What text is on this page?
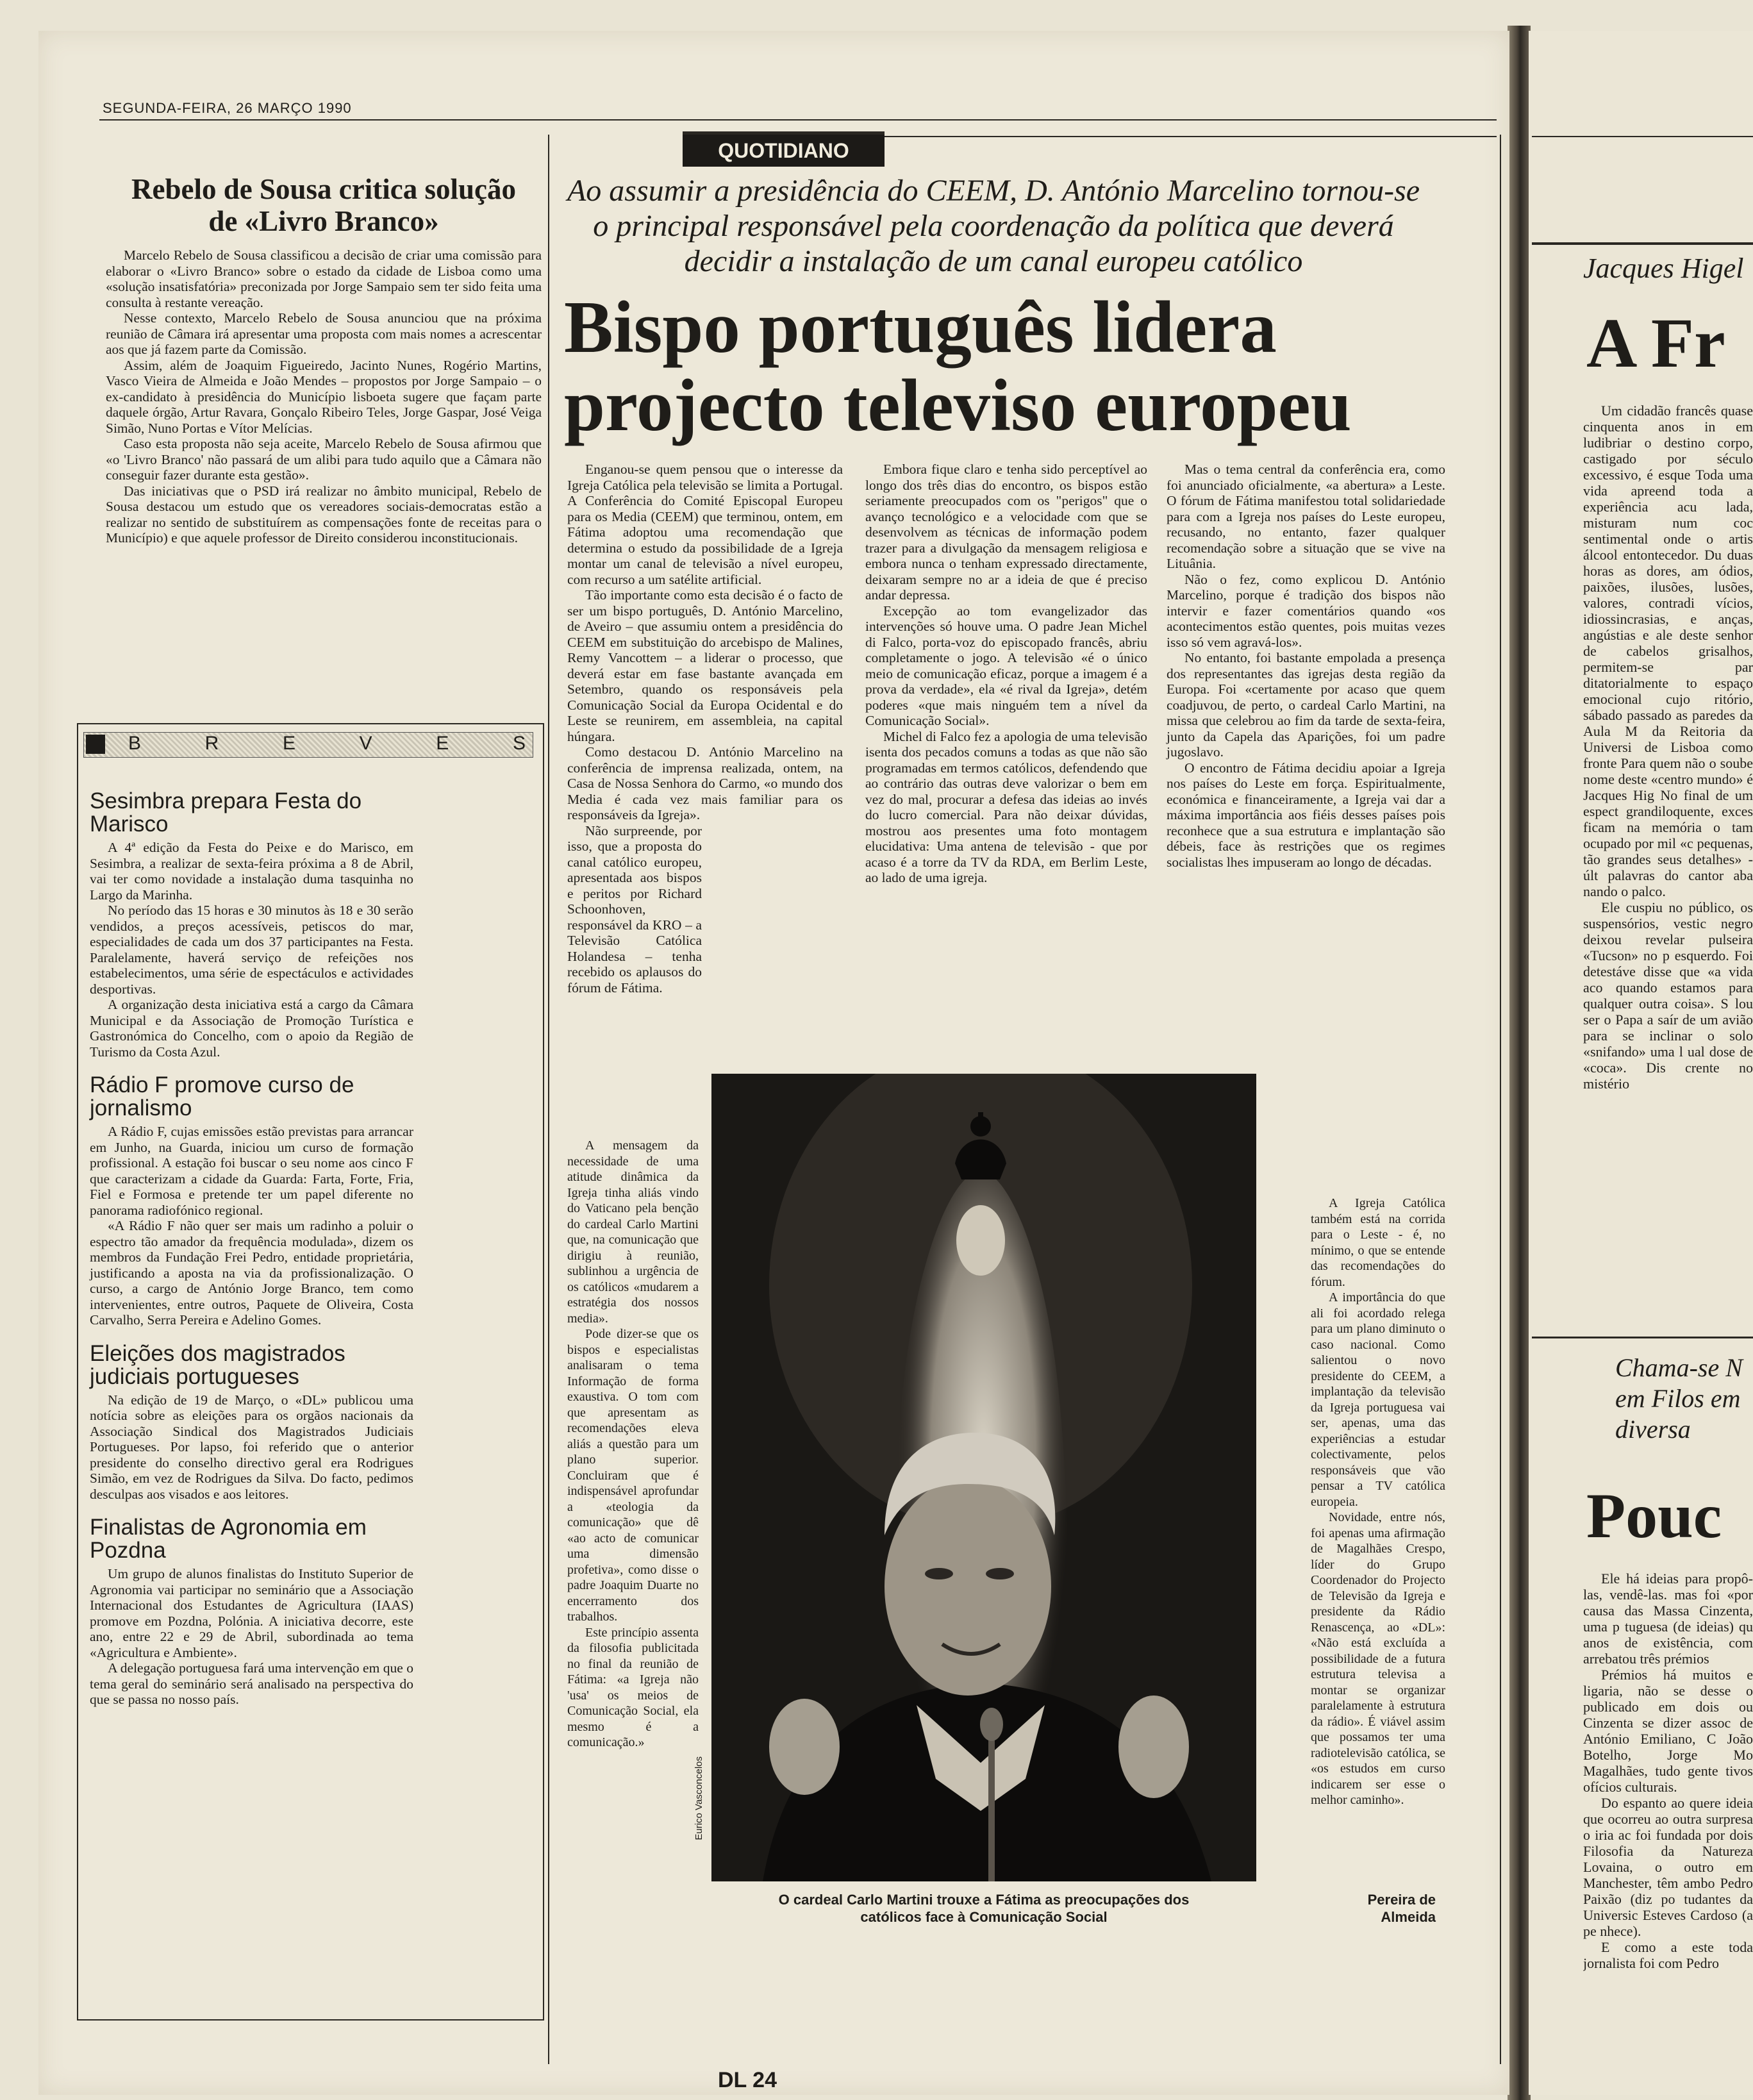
SEGUNDA-FEIRA, 26 MARÇO 1990
Rebelo de Sousa critica solução de «Livro Branco»

Marcelo Rebelo de Sousa classificou a decisão de criar uma comissão para elaborar o «Livro Branco» sobre o estado da cidade de Lisboa como uma «solução insatisfatória» preconizada por Jorge Sampaio sem ter sido feita uma consulta à restante vereação.

Nesse contexto, Marcelo Rebelo de Sousa anunciou que na próxima reunião de Câmara irá apresentar uma proposta com mais nomes a acrescentar aos que já fazem parte da Comissão.

Assim, além de Joaquim Figueiredo, Jacinto Nunes, Rogério Martins, Vasco Vieira de Almeida e João Mendes – propostos por Jorge Sampaio – o ex-candidato à presidência do Município lisboeta sugere que façam parte daquele órgão, Artur Ravara, Gonçalo Ribeiro Teles, Jorge Gaspar, José Veiga Simão, Nuno Portas e Vítor Melícias.

Caso esta proposta não seja aceite, Marcelo Rebelo de Sousa afirmou que «o 'Livro Branco' não passará de um alibi para tudo aquilo que a Câmara não conseguir fazer durante esta gestão».

Das iniciativas que o PSD irá realizar no âmbito municipal, Rebelo de Sousa destacou um estudo que os vereadores sociais-democratas estão a realizar no sentido de substituírem as compensações fonte de receitas para o Município) e que aquele professor de Direito considerou inconstitucionais.

B	R	E	V	E	S
Sesimbra prepara Festa do Marisco

A 4ª edição da Festa do Peixe e do Marisco, em Sesimbra, a realizar de sexta-feira próxima a 8 de Abril, vai ter como novidade a instalação duma tasquinha no Largo da Marinha.

No período das 15 horas e 30 minutos às 18 e 30 serão vendidos, a preços acessíveis, petiscos do mar, especialidades de cada um dos 37 participantes na Festa. Paralelamente, haverá serviço de refeições nos estabelecimentos, uma série de espectáculos e actividades desportivas.

A organização desta iniciativa está a cargo da Câmara Municipal e da Associação de Promoção Turística e Gastronómica do Concelho, com o apoio da Região de Turismo da Costa Azul.

Rádio F promove curso de jornalismo

A Rádio F, cujas emissões estão previstas para arrancar em Junho, na Guarda, iniciou um curso de formação profissional. A estação foi buscar o seu nome aos cinco F que caracterizam a cidade da Guarda: Farta, Forte, Fria, Fiel e Formosa e pretende ter um papel diferente no panorama radiofónico regional.

«A Rádio F não quer ser mais um radinho a poluir o espectro tão amador da frequência modulada», dizem os membros da Fundação Frei Pedro, entidade proprietária, justificando a aposta na via da profissionalização. O curso, a cargo de António Jorge Branco, tem como intervenientes, entre outros, Paquete de Oliveira, Costa Carvalho, Serra Pereira e Adelino Gomes.

Eleições dos magistrados judiciais portugueses

Na edição de 19 de Março, o «DL» publicou uma notícia sobre as eleições para os orgãos nacionais da Associação Sindical dos Magistrados Judiciais Portugueses. Por lapso, foi referido que o anterior presidente do conselho directivo geral era Rodrigues Simão, em vez de Rodrigues da Silva. Do facto, pedimos desculpas aos visados e aos leitores.

Finalistas de Agronomia em Pozdna

Um grupo de alunos finalistas do Instituto Superior de Agronomia vai participar no seminário que a Associação Internacional dos Estudantes de Agricultura (IAAS) promove em Pozdna, Polónia. A iniciativa decorre, este ano, entre 22 e 29 de Abril, subordinada ao tema «Agricultura e Ambiente».

A delegação portuguesa fará uma intervenção em que o tema geral do seminário será analisado na perspectiva do que se passa no nosso país.

QUOTIDIANO
Ao assumir a presidência do CEEM, D. António Marcelino tornou-se o principal responsável pela coordenação da política que deverá decidir a instalação de um canal europeu católico
Bispo português lidera projecto televiso europeu

Enganou-se quem pensou que o interesse da Igreja Católica pela televisão se limita a Portugal. A Conferência do Comité Episcopal Europeu para os Media (CEEM) que terminou, ontem, em Fátima adoptou uma recomendação que determina o estudo da possibilidade de a Igreja montar um canal de televisão a nível europeu, com recurso a um satélite artificial.

Tão importante como esta decisão é o facto de ser um bispo português, D. António Marcelino, de Aveiro – que assumiu ontem a presidência do CEEM em substituição do arcebispo de Malines, Remy Vancottem – a liderar o processo, que deverá estar em fase bastante avançada em Setembro, quando os responsáveis pela Comunicação Social da Europa Ocidental e do Leste se reunirem, em assembleia, na capital húngara.

Como destacou D. António Marcelino na conferência de imprensa realizada, ontem, na Casa de Nossa Senhora do Carmo, «o mundo dos Media é cada vez mais familiar para os responsáveis da Igreja».

Não surpreende, por isso, que a proposta do canal católico europeu, apresentada aos bispos e peritos por Richard Schoonhoven, responsável da KRO – a Televisão Católica Holandesa – tenha recebido os aplausos do fórum de Fátima.

A mensagem da necessidade de uma atitude dinâmica da Igreja tinha aliás vindo do Vaticano pela benção do cardeal Carlo Martini que, na comunicação que dirigiu à reunião, sublinhou a urgência de os católicos «mudarem a estratégia dos nossos media».

Pode dizer-se que os bispos e especialistas analisaram o tema Informação de forma exaustiva. O tom com que apresentam as recomendações eleva aliás a questão para um plano superior. Concluiram que é indispensável aprofundar a «teologia da comunicação» que dê «ao acto de comunicar uma dimensão profetiva», como disse o padre Joaquim Duarte no encerramento dos trabalhos.

Este princípio assenta da filosofia publicitada no final da reunião de Fátima: «a Igreja não 'usa' os meios de Comunicação Social, ela mesmo é a comunicação.»

Embora fique claro e tenha sido perceptível ao longo dos três dias do encontro, os bispos estão seriamente preocupados com os "perigos" que o avanço tecnológico e a velocidade com que se desenvolvem as técnicas de informação podem trazer para a divulgação da mensagem religiosa e embora nunca o tenham expressado directamente, deixaram sempre no ar a ideia de que é preciso andar depressa.

Excepção ao tom evangelizador das intervenções só houve uma. O padre Jean Michel di Falco, porta-voz do episcopado francês, abriu completamente o jogo. A televisão «é o único meio de comunicação eficaz, porque a imagem é a prova da verdade», ela «é rival da Igreja», detém poderes «que mais ninguém tem a nível da Comunicação Social».

Michel di Falco fez a apologia de uma televisão isenta dos pecados comuns a todas as que não são programadas em termos católicos, defendendo que ao contrário das outras deve valorizar o bem em vez do mal, procurar a defesa das ideias ao invés do lucro comercial. Para não deixar dúvidas, mostrou aos presentes uma foto montagem elucidativa: Uma antena de televisão - que por acaso é a torre da TV da RDA, em Berlim Leste, ao lado de uma igreja.

Mas o tema central da conferência era, como foi anunciado oficialmente, «a abertura» a Leste. O fórum de Fátima manifestou total solidariedade para com a Igreja nos países do Leste europeu, recusando, no entanto, fazer qualquer recomendação sobre a situação que se vive na Lituânia.

Não o fez, como explicou D. António Marcelino, porque é tradição dos bispos não intervir e fazer comentários quando «os acontecimentos estão quentes, pois muitas vezes isso só vem agravá-los».

No entanto, foi bastante empolada a presença dos representantes das igrejas desta região da Europa. Foi «certamente por acaso que quem coadjuvou, de perto, o cardeal Carlo Martini, na missa que celebrou ao fim da tarde de sexta-feira, junto da Capela das Aparições, foi um padre jugoslavo.

O encontro de Fátima decidiu apoiar a Igreja nos países do Leste em força. Espiritualmente, económica e financeiramente, a Igreja vai dar a máxima importância aos fiéis desses países pois reconhece que a sua estrutura e implantação são débeis, face às restrições que os regimes socialistas lhes impuseram ao longo de décadas.

A Igreja Católica também está na corrida para o Leste - é, no mínimo, o que se entende das recomendações do fórum.

A importância do que ali foi acordado relega para um plano diminuto o caso nacional. Como salientou o novo presidente do CEEM, a implantação da televisão da Igreja portuguesa vai ser, apenas, uma das experiências a estudar colectivamente, pelos responsáveis que vão pensar a TV católica europeia.

Novidade, entre nós, foi apenas uma afirmação de Magalhães Crespo, líder do Grupo Coordenador do Projecto de Televisão da Igreja e presidente da Rádio Renascença, ao «DL»: «Não está excluída a possibilidade de a futura estrutura televisa a montar se organizar paralelamente à estrutura da rádio». É viável assim que possamos ter uma radiotelevisão católica, se «os estudos em curso indicarem ser esse o melhor caminho».

Eurico Vasconcelos
O cardeal Carlo Martini trouxe a Fátima as preocupações dos católicos face à Comunicação Social
Pereira de Almeida
DL 24
Jacques Higel
A Fr

Um cidadão francês quase cinquenta anos in em ludibriar o destino corpo, castigado por século excessivo, é esque Toda uma vida apreend toda a experiência acu lada, misturam num coc sentimental onde o artis álcool entontecedor. Du duas horas as dores, am ódios, paixões, ilusões, lusões, valores, contradi vícios, idiossincrasias, e anças, angústias e ale deste senhor de cabelos grisalhos, permitem-se par ditatorialmente to espaço emocional cujo ritório, sábado passado as paredes da Aula M da Reitoria da Universi de Lisboa como fronte Para quem não o soube nome deste «centro mundo» é Jacques Hig No final de um espect grandiloquente, exces ficam na memória o tam ocupado por mil «c pequenas, tão grandes seus detalhes» - últ palavras do cantor aba nando o palco.

Ele cuspiu no público, os suspensórios, vestic negro deixou revelar pulseira «Tucson» no p esquerdo. Foi detestáve disse que «a vida aco quando estamos para qualquer outra coisa». S lou ser o Papa a saír de um avião para se inclinar o solo «snifando» uma l ual dose de «coca». Dis crente no mistério

Chama-se N em Filos em diversa
Pouc

Ele há ideias para propô-las, vendê-las. mas foi «por causa das Massa Cinzenta, uma p tuguesa (de ideias) qu anos de existência, com arrebatou três prémios

Prémios há muitos e ligaria, não se desse o publicado em dois ou Cinzenta se dizer assoc de António Emiliano, C João Botelho, Jorge Mo Magalhães, tudo gente tivos ofícios culturais.

Do espanto ao quere ideia que ocorreu ao outra surpresa o iria ac foi fundada por dois Filosofia da Natureza Lovaina, o outro em Manchester, têm ambo Pedro Paixão (diz po tudantes da Universic Esteves Cardoso (a pe nhece).

E como a este toda jornalista foi com Pedro
